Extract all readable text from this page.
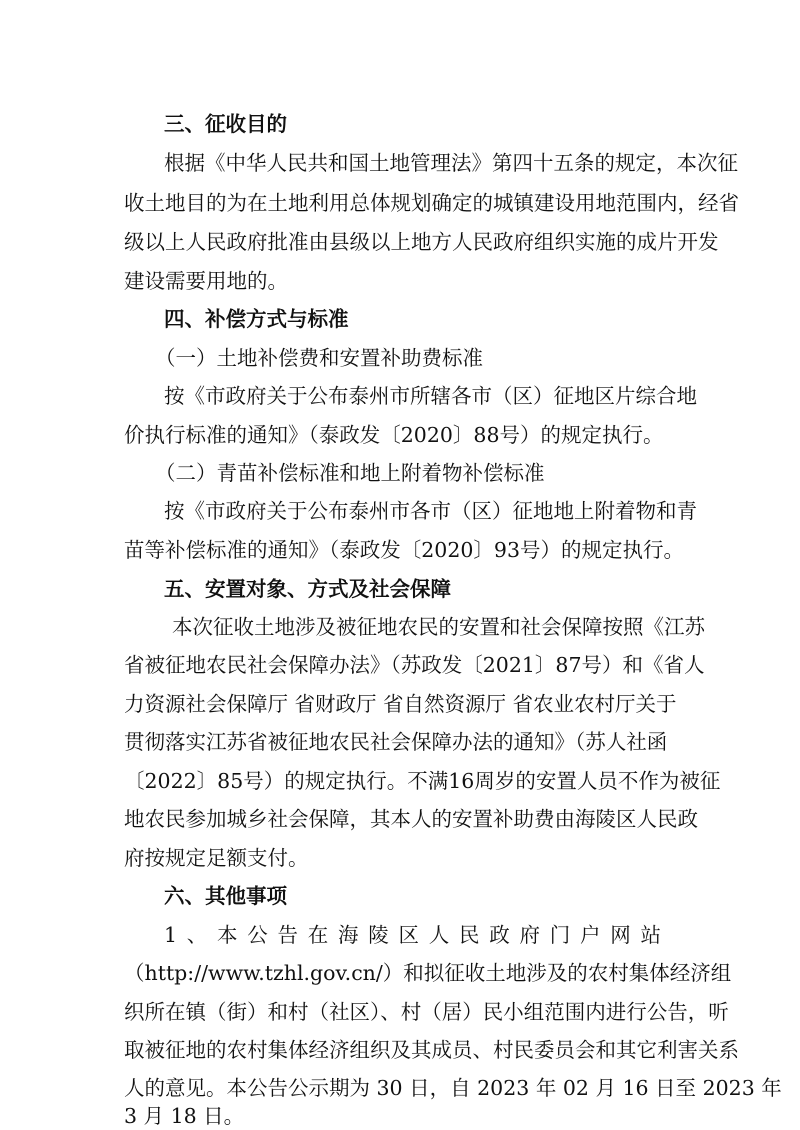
三、征收目的
根据《中华人民共和国土地管理法》第四十五条的规定，本次征
收土地目的为在土地利用总体规划确定的城镇建设用地范围内，经省
级以上人民政府批准由县级以上地方人民政府组织实施的成片开发
建设需要用地的。
四、补偿方式与标准
（一）土地补偿费和安置补助费标准
按《市政府关于公布泰州市所辖各市（区）征地区片综合地
价执行标准的通知》（泰政发〔2020〕88号）的规定执行。
（二）青苗补偿标准和地上附着物补偿标准
按《市政府关于公布泰州市各市（区）征地地上附着物和青
苗等补偿标准的通知》（泰政发〔2020〕93号）的规定执行。
五、安置对象、方式及社会保障
本次征收土地涉及被征地农民的安置和社会保障按照《江苏
省被征地农民社会保障办法》（苏政发〔2021〕87号）和《省人
力资源社会保障厅 省财政厅 省自然资源厅 省农业农村厅关于
贯彻落实江苏省被征地农民社会保障办法的通知》（苏人社函
〔2022〕85号）的规定执行。不满16周岁的安置人员不作为被征
地农民参加城乡社会保障，其本人的安置补助费由海陵区人民政
府按规定足额支付。
六、其他事项
1、本公告在海陵区人民政府门户网站
（http://www.tzhl.gov.cn/）和拟征收土地涉及的农村集体经济组
织所在镇（街）和村（社区）、村（居）民小组范围内进行公告，听
取被征地的农村集体经济组织及其成员、村民委员会和其它利害关系
人的意见。本公告公示期为 30 日，自 2023 年 02 月 16 日至 2023 年
3 月 18 日。
